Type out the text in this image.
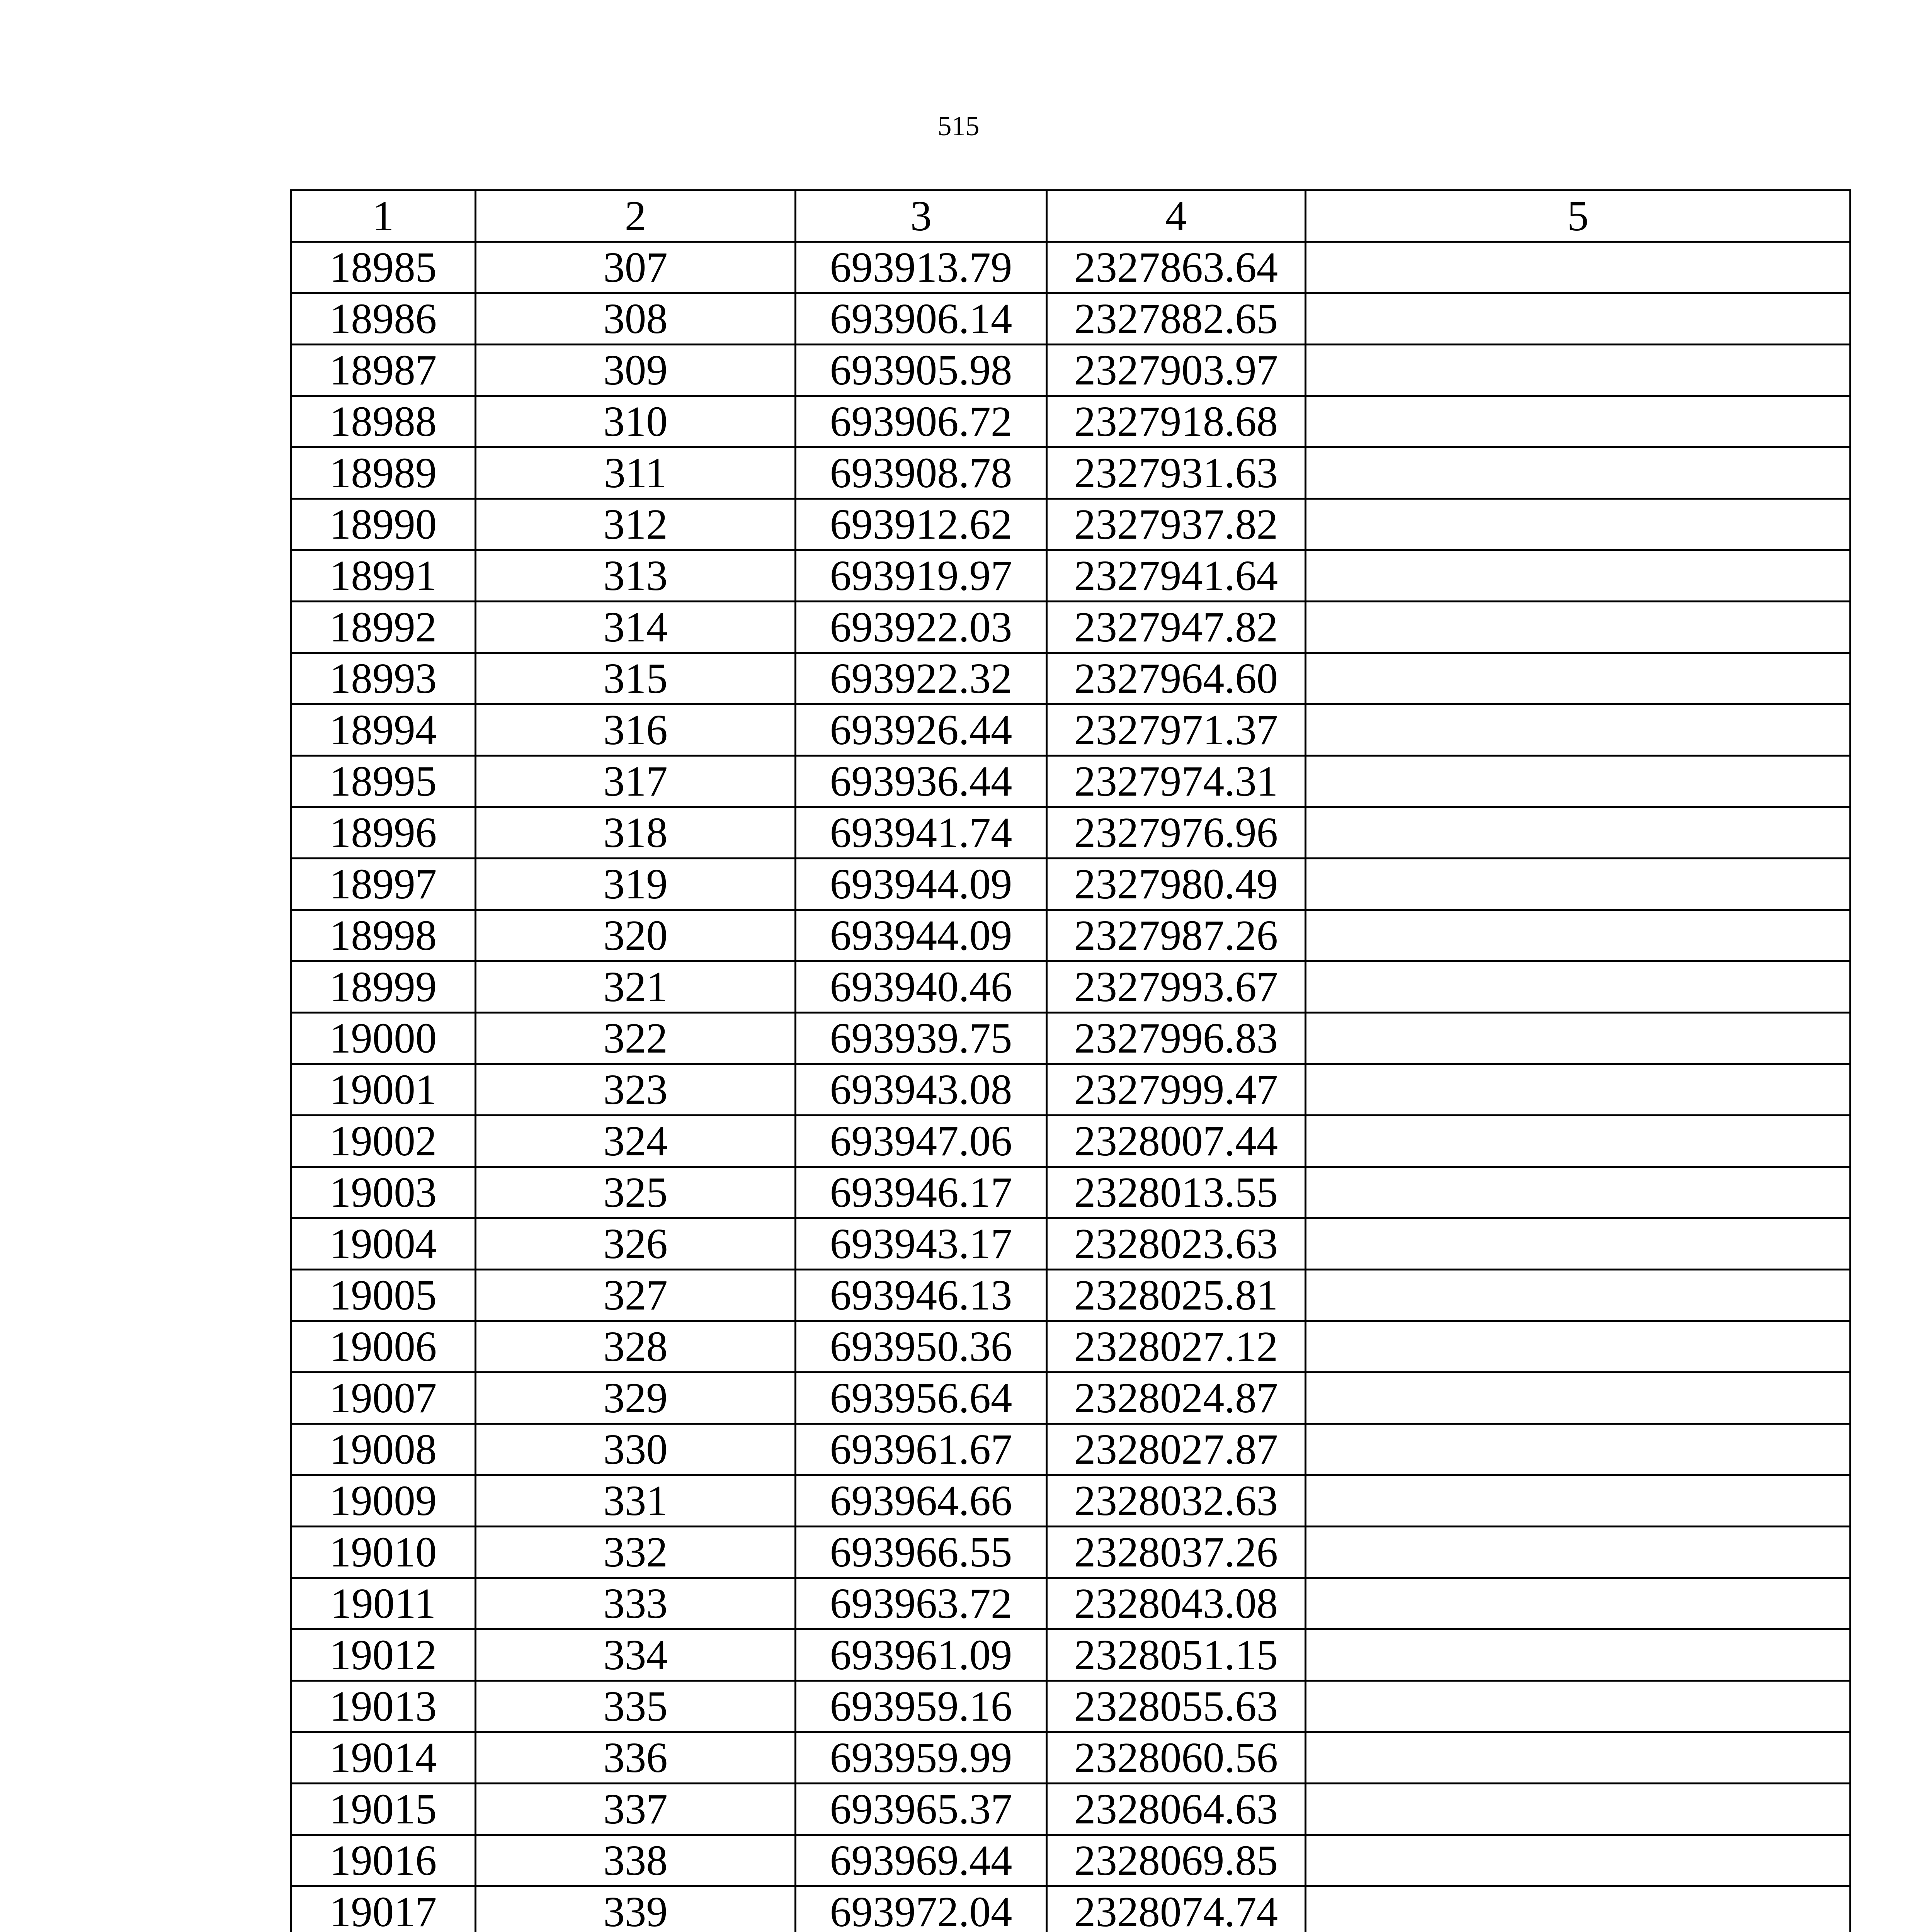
515
1	2	3	4	5
18985	307	693913.79	2327863.64	
18986	308	693906.14	2327882.65	
18987	309	693905.98	2327903.97	
18988	310	693906.72	2327918.68	
18989	311	693908.78	2327931.63	
18990	312	693912.62	2327937.82	
18991	313	693919.97	2327941.64	
18992	314	693922.03	2327947.82	
18993	315	693922.32	2327964.60	
18994	316	693926.44	2327971.37	
18995	317	693936.44	2327974.31	
18996	318	693941.74	2327976.96	
18997	319	693944.09	2327980.49	
18998	320	693944.09	2327987.26	
18999	321	693940.46	2327993.67	
19000	322	693939.75	2327996.83	
19001	323	693943.08	2327999.47	
19002	324	693947.06	2328007.44	
19003	325	693946.17	2328013.55	
19004	326	693943.17	2328023.63	
19005	327	693946.13	2328025.81	
19006	328	693950.36	2328027.12	
19007	329	693956.64	2328024.87	
19008	330	693961.67	2328027.87	
19009	331	693964.66	2328032.63	
19010	332	693966.55	2328037.26	
19011	333	693963.72	2328043.08	
19012	334	693961.09	2328051.15	
19013	335	693959.16	2328055.63	
19014	336	693959.99	2328060.56	
19015	337	693965.37	2328064.63	
19016	338	693969.44	2328069.85	
19017	339	693972.04	2328074.74	
